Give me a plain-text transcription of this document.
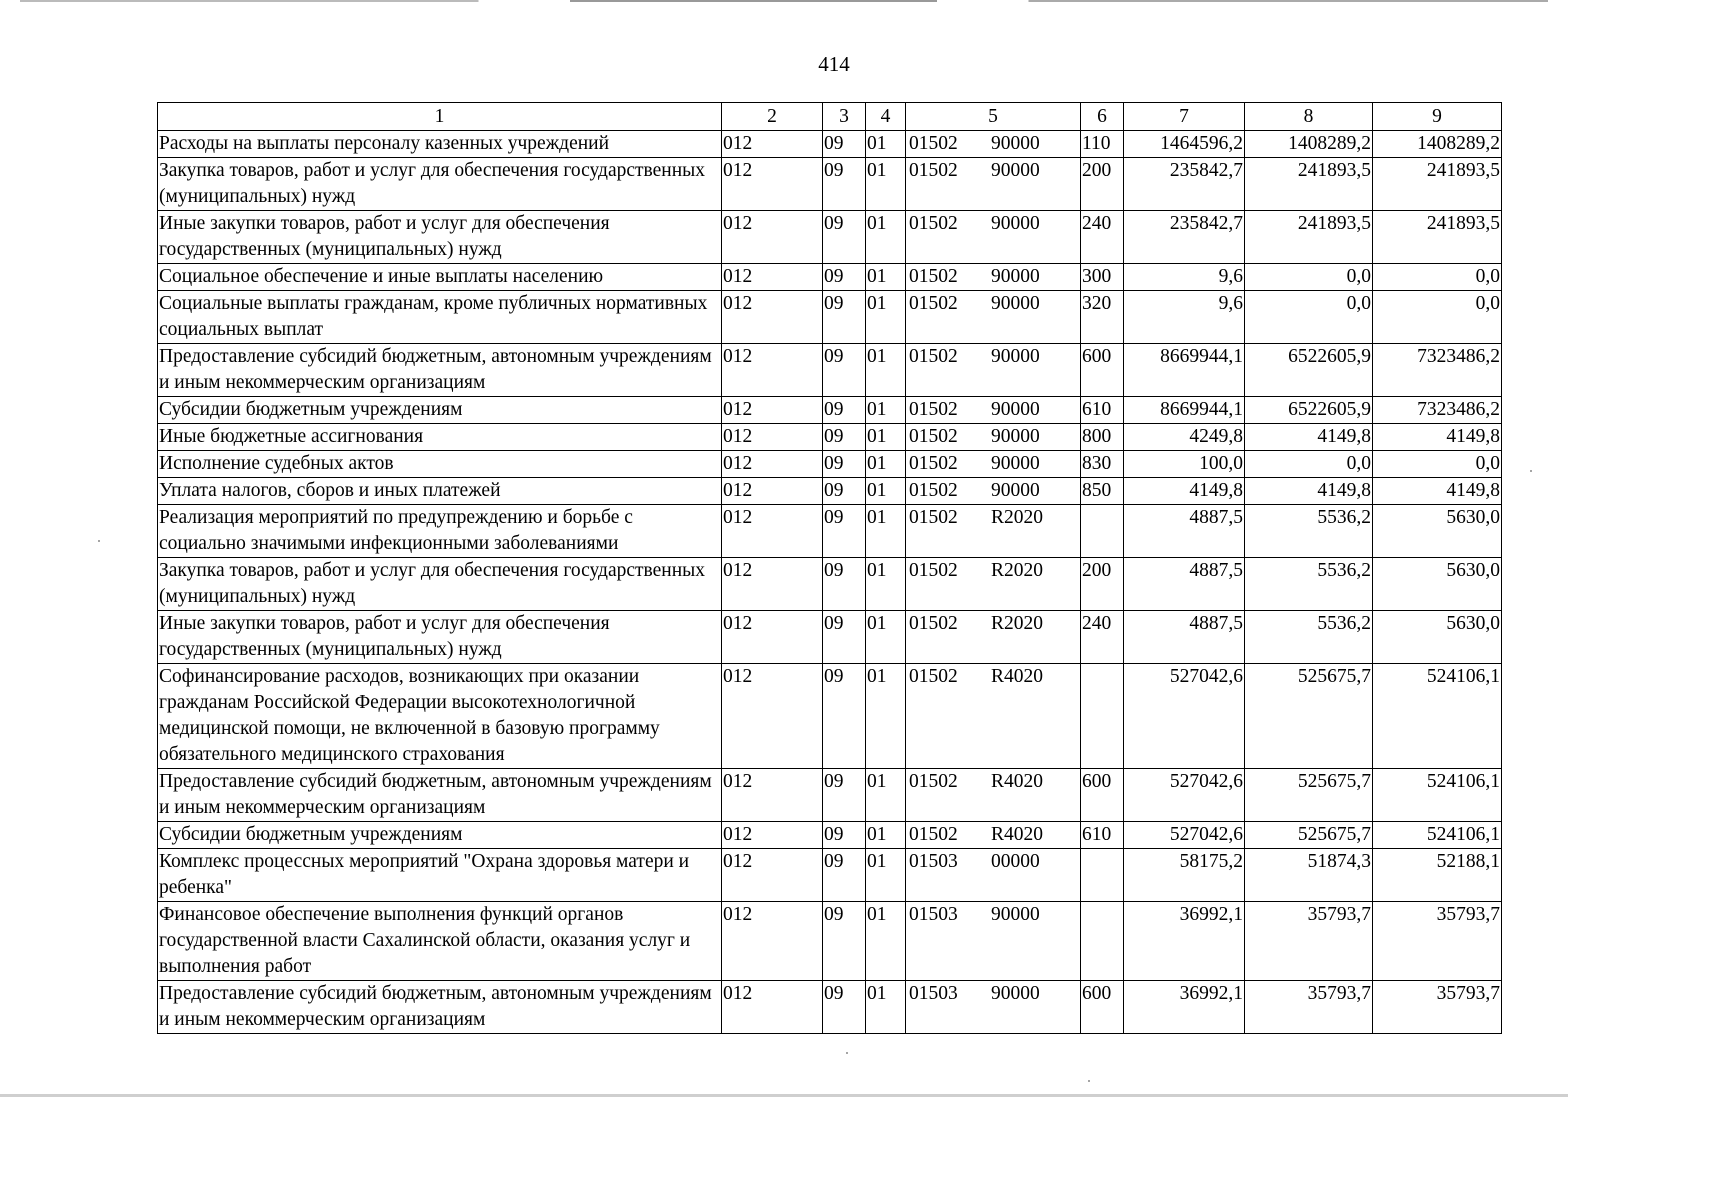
414
1	2	3	4	5	6	7	8	9
Расходы на выплаты персоналу казенных учреждений	012	09	01	01502 90000	110	1464596,2	1408289,2	1408289,2
Закупка товаров, работ и услуг для обеспечения государственных (муниципальных) нужд	012	09	01	01502 90000	200	235842,7	241893,5	241893,5
Иные закупки товаров, работ и услуг для обеспечения государственных (муниципальных) нужд	012	09	01	01502 90000	240	235842,7	241893,5	241893,5
Социальное обеспечение и иные выплаты населению	012	09	01	01502 90000	300	9,6	0,0	0,0
Социальные выплаты гражданам, кроме публичных нормативных социальных выплат	012	09	01	01502 90000	320	9,6	0,0	0,0
Предоставление субсидий бюджетным, автономным учреждениям и иным некоммерческим организациям	012	09	01	01502 90000	600	8669944,1	6522605,9	7323486,2
Субсидии бюджетным учреждениям	012	09	01	01502 90000	610	8669944,1	6522605,9	7323486,2
Иные бюджетные ассигнования	012	09	01	01502 90000	800	4249,8	4149,8	4149,8
Исполнение судебных актов	012	09	01	01502 90000	830	100,0	0,0	0,0
Уплата налогов, сборов и иных платежей	012	09	01	01502 90000	850	4149,8	4149,8	4149,8
Реализация мероприятий по предупреждению и борьбе с социально значимыми инфекционными заболеваниями	012	09	01	01502 R2020		4887,5	5536,2	5630,0
Закупка товаров, работ и услуг для обеспечения государственных (муниципальных) нужд	012	09	01	01502 R2020	200	4887,5	5536,2	5630,0
Иные закупки товаров, работ и услуг для обеспечения государственных (муниципальных) нужд	012	09	01	01502 R2020	240	4887,5	5536,2	5630,0
Софинансирование расходов, возникающих при оказании гражданам Российской Федерации высокотехнологичной медицинской помощи, не включенной в базовую программу обязательного медицинского страхования	012	09	01	01502 R4020		527042,6	525675,7	524106,1
Предоставление субсидий бюджетным, автономным учреждениям и иным некоммерческим организациям	012	09	01	01502 R4020	600	527042,6	525675,7	524106,1
Субсидии бюджетным учреждениям	012	09	01	01502 R4020	610	527042,6	525675,7	524106,1
Комплекс процессных мероприятий "Охрана здоровья матери и ребенка"	012	09	01	01503 00000		58175,2	51874,3	52188,1
Финансовое обеспечение выполнения функций органов государственной власти Сахалинской области, оказания услуг и выполнения работ	012	09	01	01503 90000		36992,1	35793,7	35793,7
Предоставление субсидий бюджетным, автономным учреждениям и иным некоммерческим организациям	012	09	01	01503 90000	600	36992,1	35793,7	35793,7
